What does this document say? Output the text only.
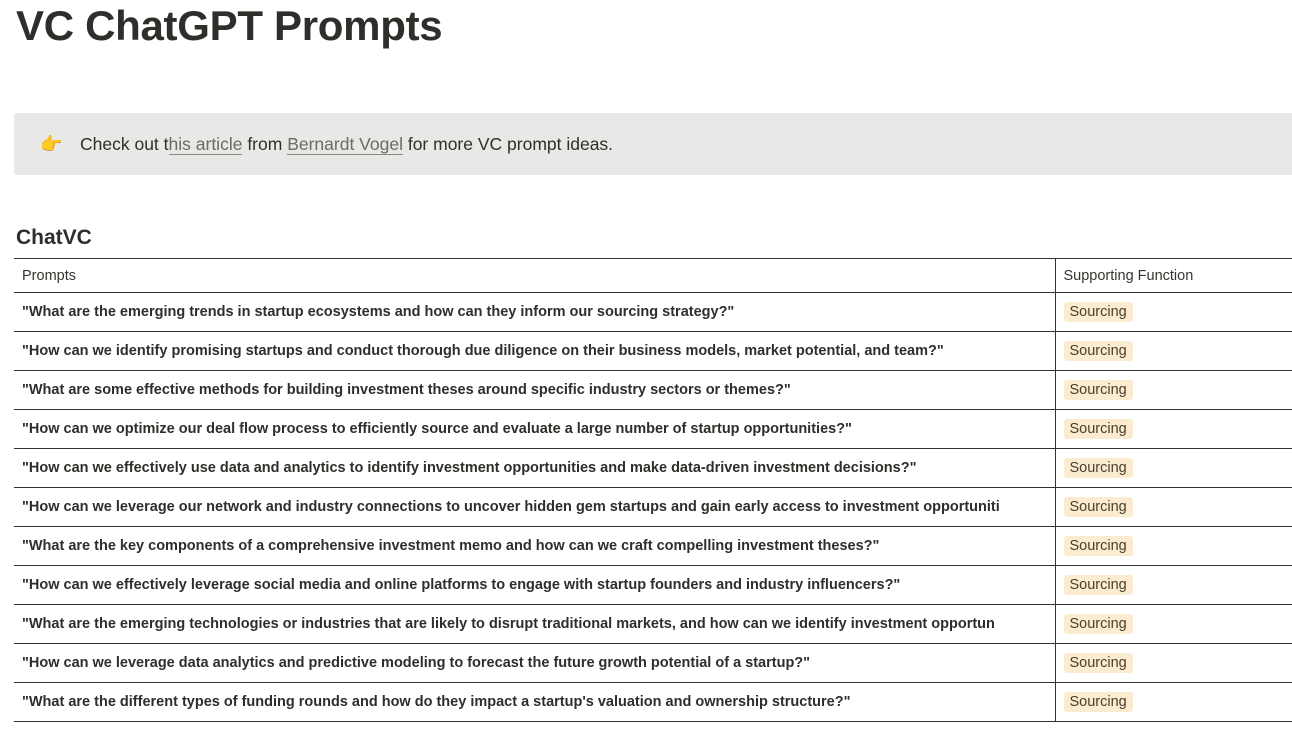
VC ChatGPT Prompts
👉 Check out this article from Bernardt Vogel for more VC prompt ideas.
ChatVC
Prompts	Supporting Function
"What are the emerging trends in startup ecosystems and how can they inform our sourcing strategy?"	Sourcing
"How can we identify promising startups and conduct thorough due diligence on their business models, market potential, and team?"	Sourcing
"What are some effective methods for building investment theses around specific industry sectors or themes?"	Sourcing
"How can we optimize our deal flow process to efficiently source and evaluate a large number of startup opportunities?"	Sourcing
"How can we effectively use data and analytics to identify investment opportunities and make data-driven investment decisions?"	Sourcing
"How can we leverage our network and industry connections to uncover hidden gem startups and gain early access to investment opportuniti	Sourcing
"What are the key components of a comprehensive investment memo and how can we craft compelling investment theses?"	Sourcing
"How can we effectively leverage social media and online platforms to engage with startup founders and industry influencers?"	Sourcing
"What are the emerging technologies or industries that are likely to disrupt traditional markets, and how can we identify investment opportun	Sourcing
"How can we leverage data analytics and predictive modeling to forecast the future growth potential of a startup?"	Sourcing
"What are the different types of funding rounds and how do they impact a startup's valuation and ownership structure?"	Sourcing
